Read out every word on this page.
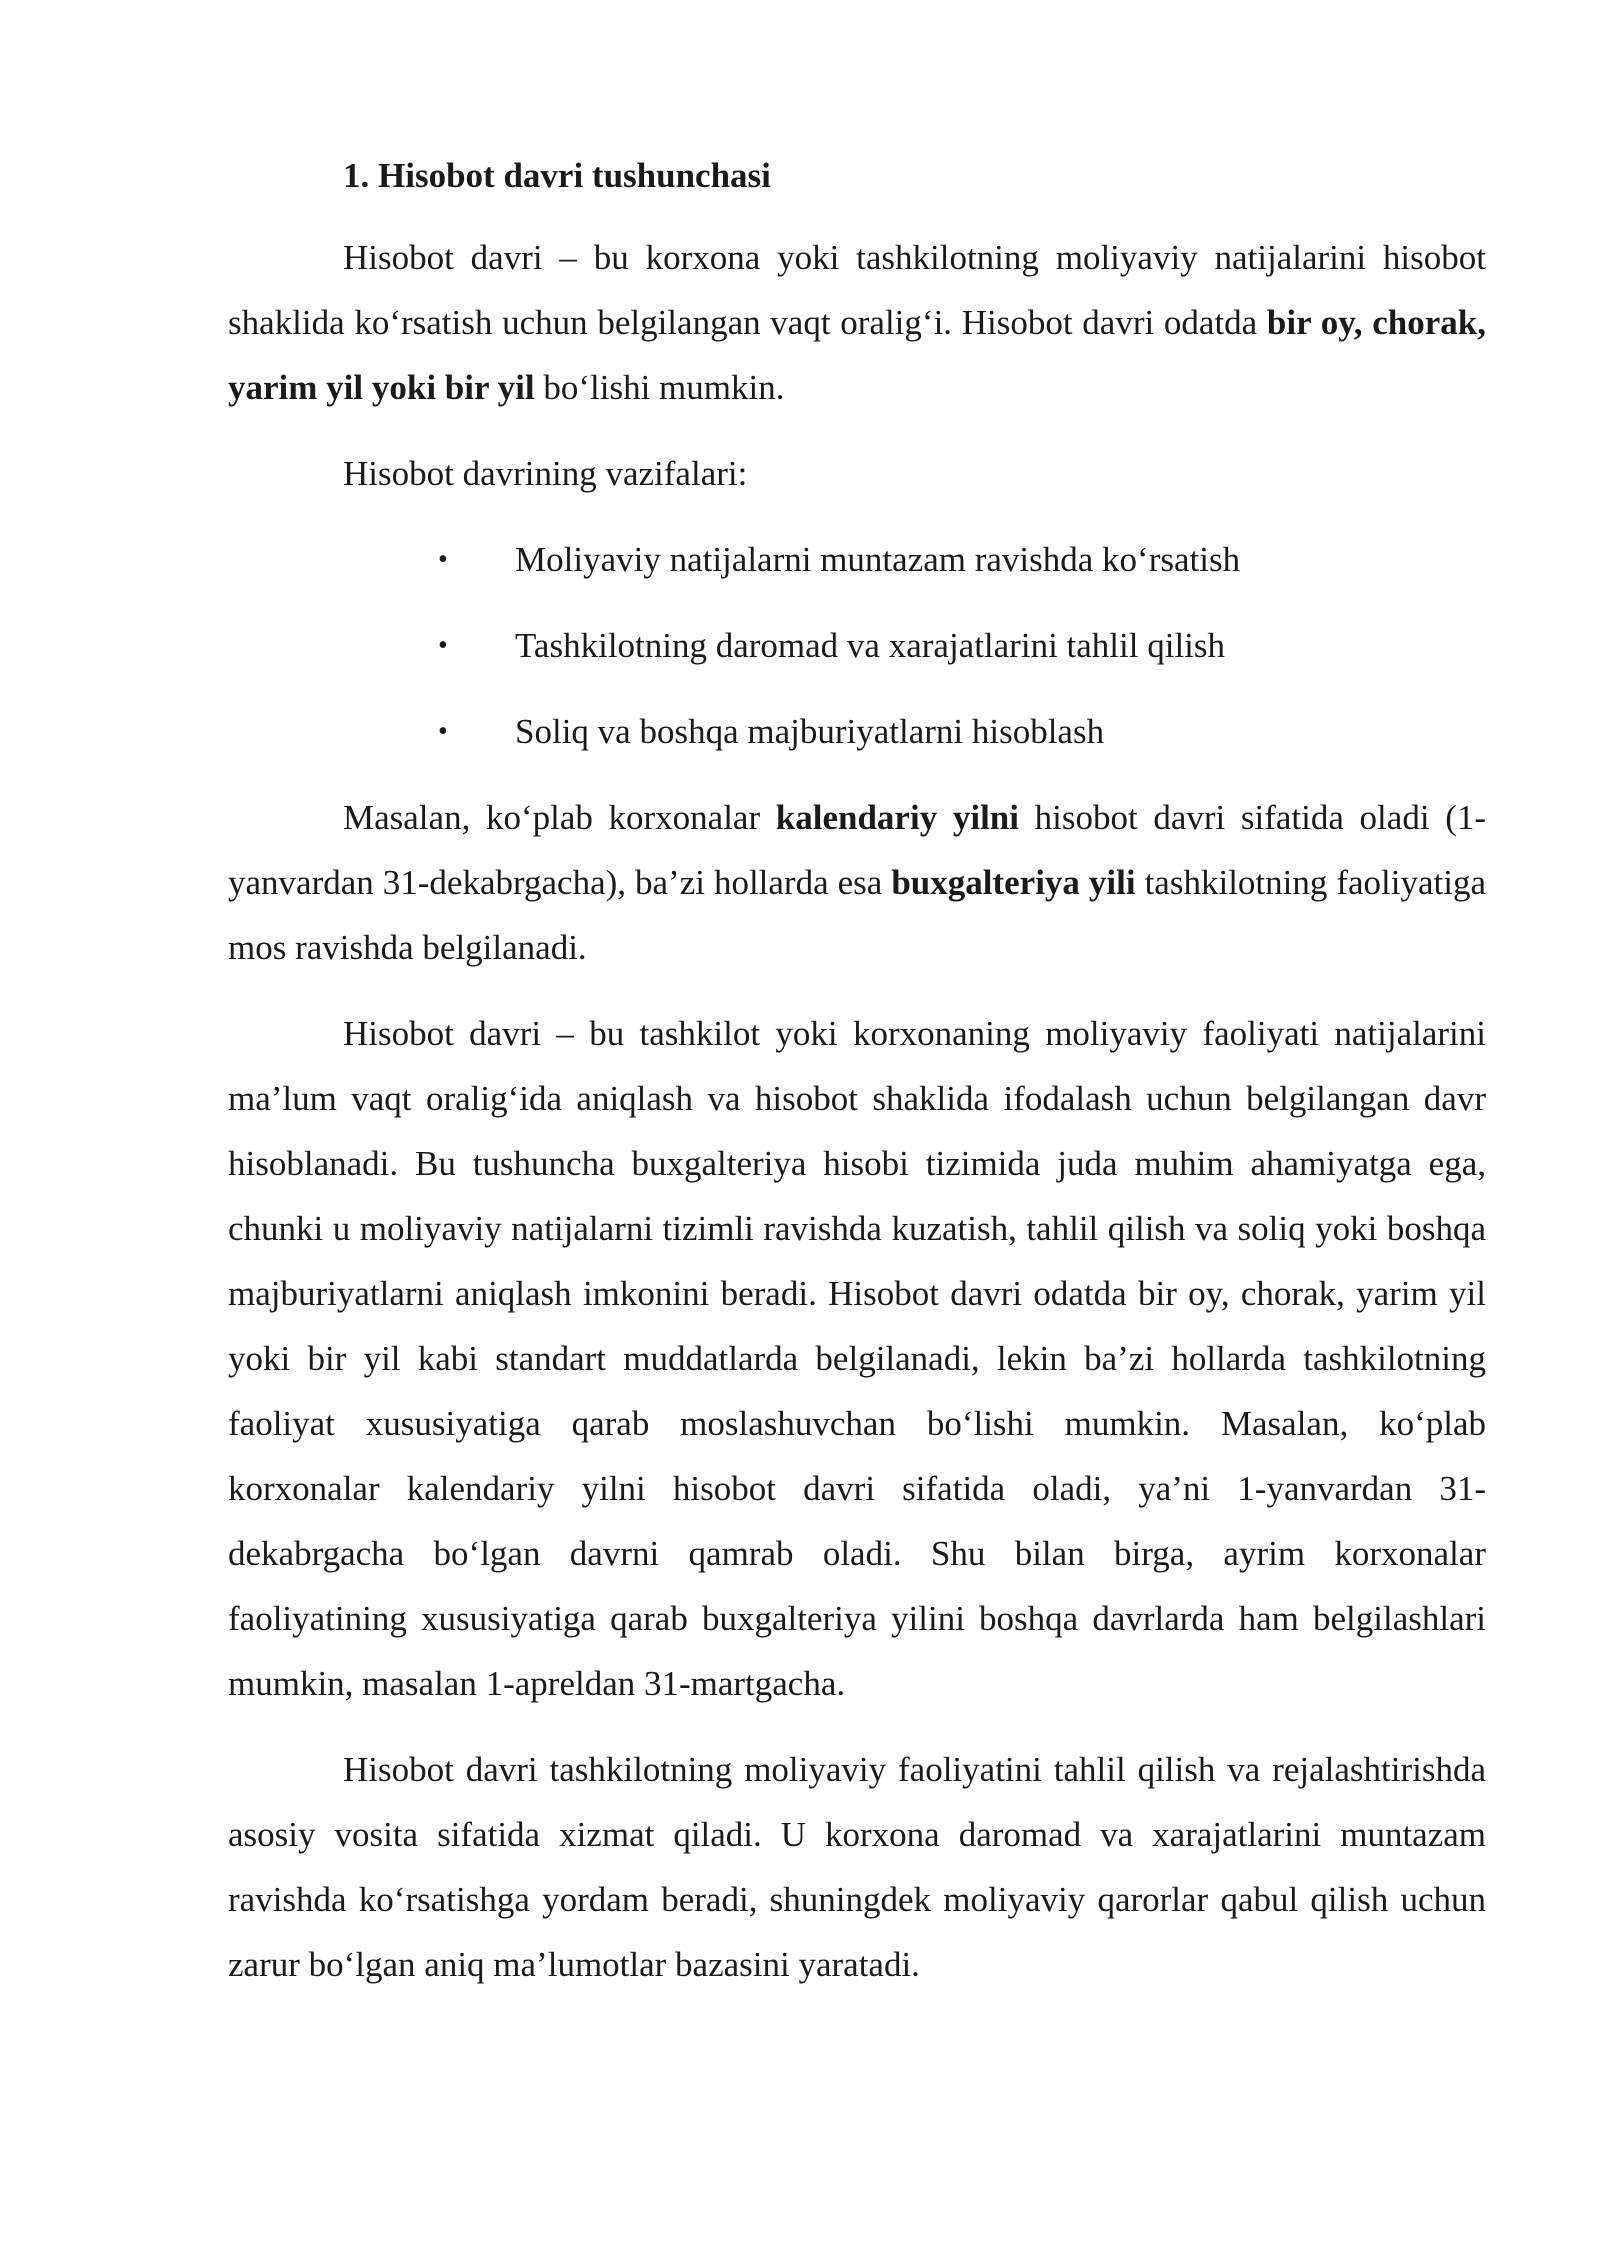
1. Hisobot davri tushunchasi

Hisobot davri – bu korxona yoki tashkilotning moliyaviy natijalarini hisobot shaklida ko‘rsatish uchun belgilangan vaqt oralig‘i. Hisobot davri odatda bir oy, chorak, yarim yil yoki bir yil bo‘lishi mumkin.

Hisobot davrining vazifalari:

• Moliyaviy natijalarni muntazam ravishda ko‘rsatish
• Tashkilotning daromad va xarajatlarini tahlil qilish
• Soliq va boshqa majburiyatlarni hisoblash

Masalan, ko‘plab korxonalar kalendariy yilni hisobot davri sifatida oladi (1-yanvardan 31-dekabrgacha), ba’zi hollarda esa buxgalteriya yili tashkilotning faoliyatiga mos ravishda belgilanadi.

Hisobot davri – bu tashkilot yoki korxonaning moliyaviy faoliyati natijalarini ma’lum vaqt oralig‘ida aniqlash va hisobot shaklida ifodalash uchun belgilangan davr hisoblanadi. Bu tushuncha buxgalteriya hisobi tizimida juda muhim ahamiyatga ega, chunki u moliyaviy natijalarni tizimli ravishda kuzatish, tahlil qilish va soliq yoki boshqa majburiyatlarni aniqlash imkonini beradi. Hisobot davri odatda bir oy, chorak, yarim yil yoki bir yil kabi standart muddatlarda belgilanadi, lekin ba’zi hollarda tashkilotning faoliyat xususiyatiga qarab moslashuvchan bo‘lishi mumkin. Masalan, ko‘plab korxonalar kalendariy yilni hisobot davri sifatida oladi, ya’ni 1-yanvardan 31-dekabrgacha bo‘lgan davrni qamrab oladi. Shu bilan birga, ayrim korxonalar faoliyatining xususiyatiga qarab buxgalteriya yilini boshqa davrlarda ham belgilashlari mumkin, masalan 1-apreldan 31-martgacha.

Hisobot davri tashkilotning moliyaviy faoliyatini tahlil qilish va rejalashtirishda asosiy vosita sifatida xizmat qiladi. U korxona daromad va xarajatlarini muntazam ravishda ko‘rsatishga yordam beradi, shuningdek moliyaviy qarorlar qabul qilish uchun zarur bo‘lgan aniq ma’lumotlar bazasini yaratadi.
